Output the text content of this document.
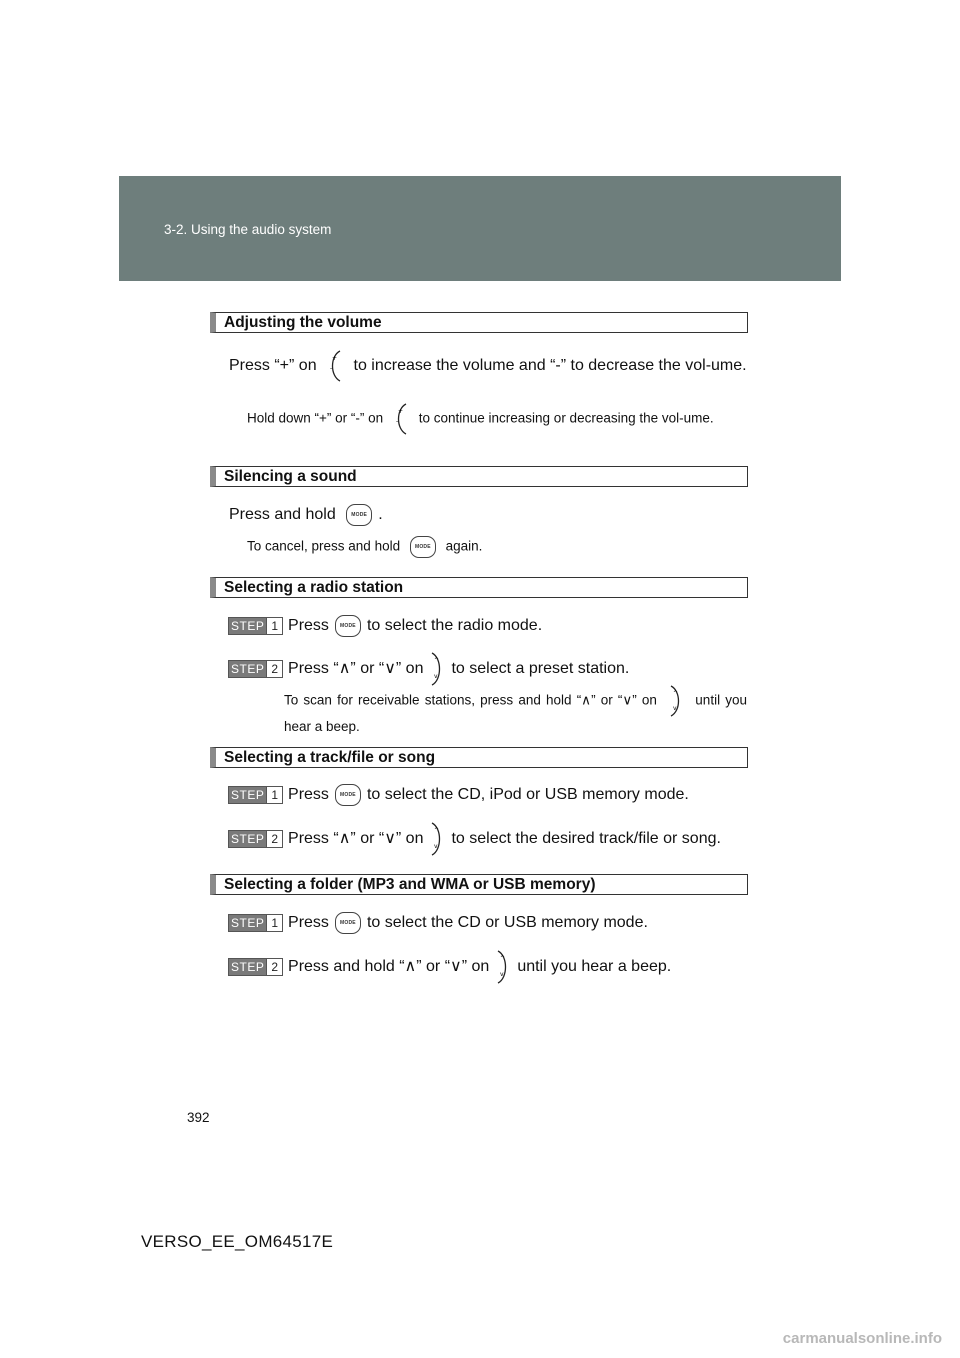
3-2. Using the audio system
Adjusting the volume
Press “+” on	+
- to increase the volume and “-” to decrease the vol-ume.
Hold down “+” or “-” on +
- to continue increasing or decreasing the vol-ume.
Silencing a sound
Press and hold	MODE .
To cancel, press and hold	MODE again.
Selecting a radio station
STEP 1 Press	MODE to select the radio mode.
STEP 2 Press “∧” or “∨” on ^
v to select a preset station.
To scan for receivable stations, press and hold “∧” or “∨” on	^
v
until you hear a beep.
Selecting a track/file or song
STEP 1 Press	MODE to select the CD, iPod or USB memory mode.
STEP 2 Press “∧” or “∨” on ^
v to select the desired track/file or song.
Selecting a folder (MP3 and WMA or USB memory)
STEP 1 Press	MODE to select the CD or USB memory mode.
STEP 2 Press and hold “∧” or “∨” on ^
v until you hear a beep.
392
VERSO_EE_OM64517E
carmanualsonline.info
